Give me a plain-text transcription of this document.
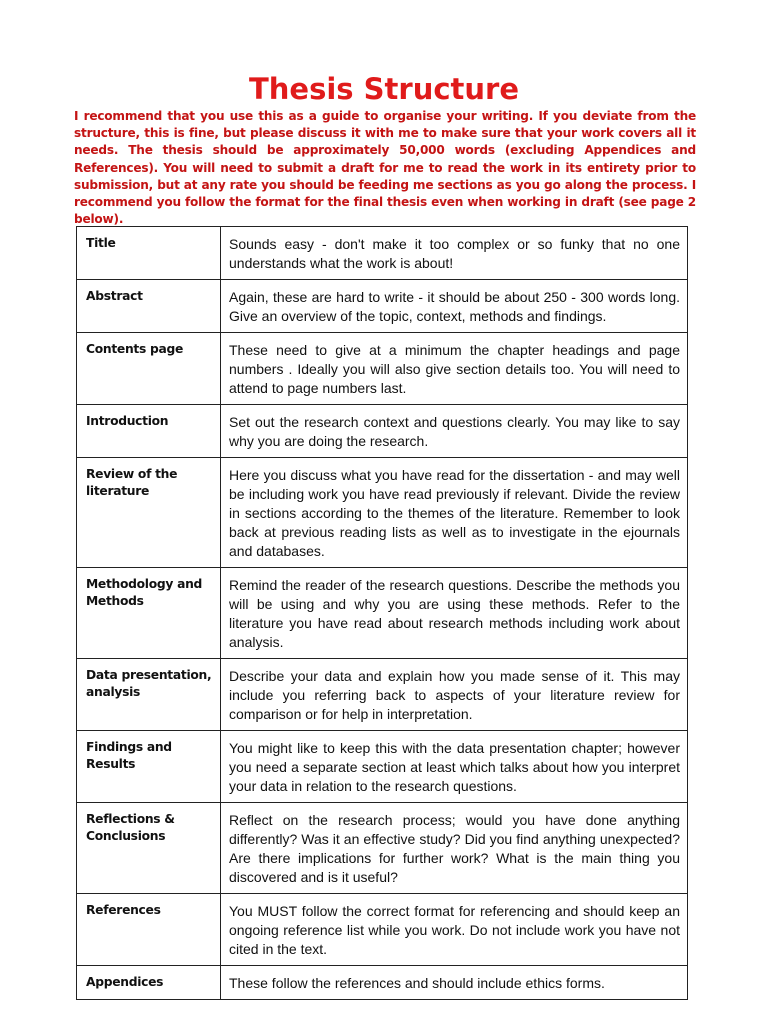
Thesis Structure

I recommend that you use this as a guide to organise your writing. If you deviate from the structure, this is fine, but please discuss it with me to make sure that your work covers all it needs. The thesis should be approximately 50,000 words (excluding Appendices and References). You will need to submit a draft for me to read the work in its entirety prior to submission, but at any rate you should be feeding me sections as you go along the process. I recommend you follow the format for the final thesis even when working in draft (see page 2 below).

Title	Sounds easy - don't make it too complex or so funky that no one understands what the work is about!
Abstract	Again, these are hard to write - it should be about 250 - 300 words long. Give an overview of the topic, context, methods and findings.
Contents page	These need to give at a minimum the chapter headings and page numbers . Ideally you will also give section details too. You will need to attend to page numbers last.
Introduction	Set out the research context and questions clearly. You may like to say why you are doing the research.
Review of the literature	Here you discuss what you have read for the dissertation - and may well be including work you have read previously if relevant. Divide the review in sections according to the themes of the literature. Remember to look back at previous reading lists as well as to investigate in the ejournals and databases.
Methodology and Methods	Remind the reader of the research questions. Describe the methods you will be using and why you are using these methods. Refer to the literature you have read about research methods including work about analysis.
Data presentation, analysis	Describe your data and explain how you made sense of it. This may include you referring back to aspects of your literature review for comparison or for help in interpretation.
Findings and Results	You might like to keep this with the data presentation chapter; however you need a separate section at least which talks about how you interpret your data in relation to the research questions.
Reflections & Conclusions	Reflect on the research process; would you have done anything differently? Was it an effective study? Did you find anything unexpected? Are there implications for further work? What is the main thing you discovered and is it useful?
References	You MUST follow the correct format for referencing and should keep an ongoing reference list while you work. Do not include work you have not cited in the text.
Appendices	These follow the references and should include ethics forms.
